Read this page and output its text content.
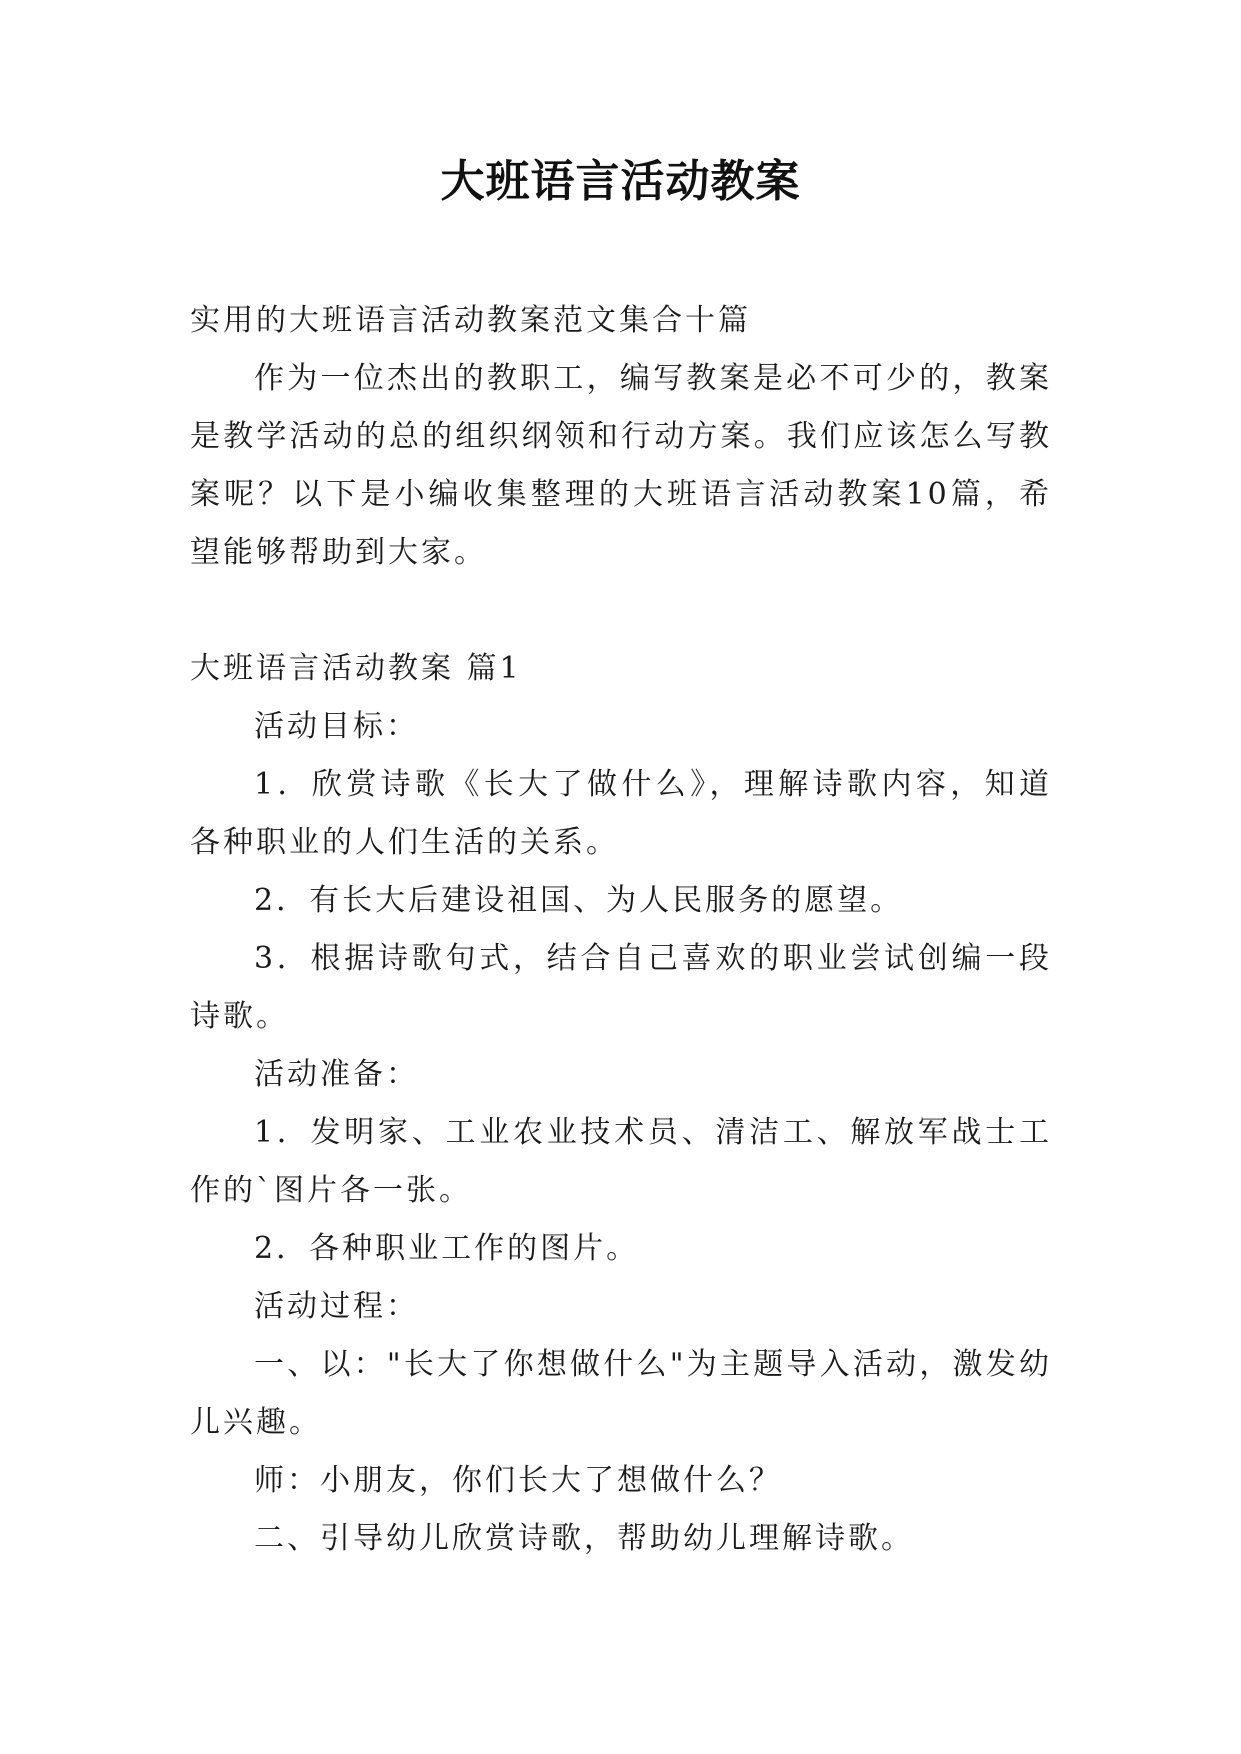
大班语言活动教案

实用的大班语言活动教案范文集合十篇

作为一位杰出的教职工，编写教案是必不可少的，教案是教学活动的总的组织纲领和行动方案。我们应该怎么写教案呢？以下是小编收集整理的大班语言活动教案10篇，希望能够帮助到大家。

大班语言活动教案 篇1

活动目标：

1．欣赏诗歌《长大了做什么》，理解诗歌内容，知道各种职业的人们生活的关系。

2．有长大后建设祖国、为人民服务的愿望。

3．根据诗歌句式，结合自己喜欢的职业尝试创编一段诗歌。

活动准备：

1．发明家、工业农业技术员、清洁工、解放军战士工作的`图片各一张。

2．各种职业工作的图片。

活动过程：

一、以："长大了你想做什么"为主题导入活动，激发幼儿兴趣。

师：小朋友，你们长大了想做什么？

二、引导幼儿欣赏诗歌，帮助幼儿理解诗歌。
